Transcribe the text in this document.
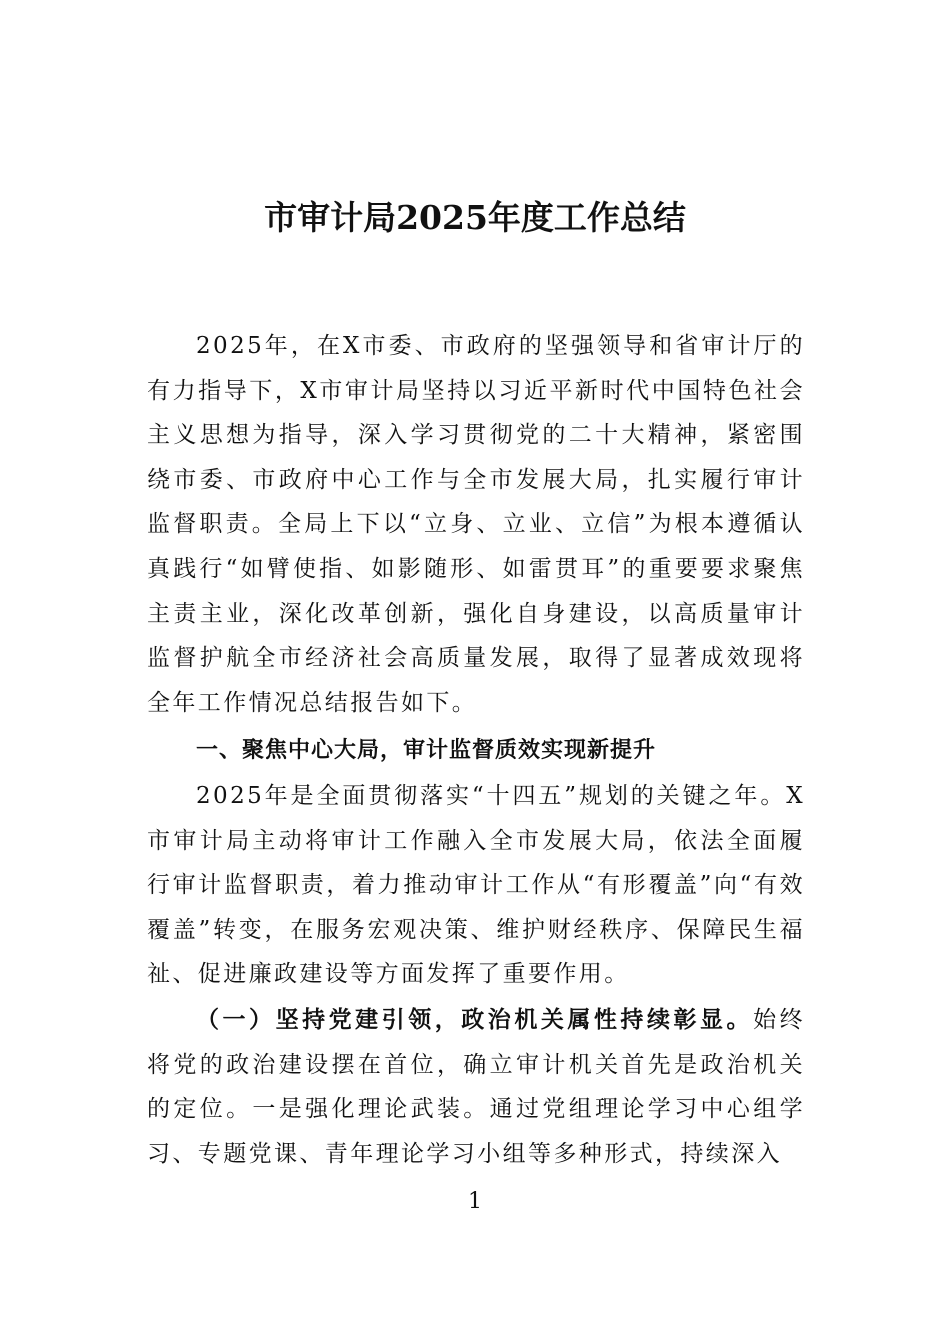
市审计局2025年度工作总结

2025年，在X市委、市政府的坚强领导和省审计厅的有力指导下，X市审计局坚持以习近平新时代中国特色社会主义思想为指导，深入学习贯彻党的二十大精神，紧密围绕市委、市政府中心工作与全市发展大局，扎实履行审计监督职责。全局上下以“立身、立业、立信”为根本遵循认真践行“如臂使指、如影随形、如雷贯耳”的重要要求聚焦主责主业，深化改革创新，强化自身建设，以高质量审计监督护航全市经济社会高质量发展，取得了显著成效现将全年工作情况总结报告如下。

一、聚焦中心大局，审计监督质效实现新提升

2025年是全面贯彻落实“十四五”规划的关键之年。X市审计局主动将审计工作融入全市发展大局，依法全面履行审计监督职责，着力推动审计工作从“有形覆盖”向“有效覆盖”转变，在服务宏观决策、维护财经秩序、保障民生福祉、促进廉政建设等方面发挥了重要作用。

（一）坚持党建引领，政治机关属性持续彰显。始终将党的政治建设摆在首位，确立审计机关首先是政治机关的定位。一是强化理论武装。通过党组理论学习中心组学习、专题党课、青年理论学习小组等多种形式，持续深入

1
